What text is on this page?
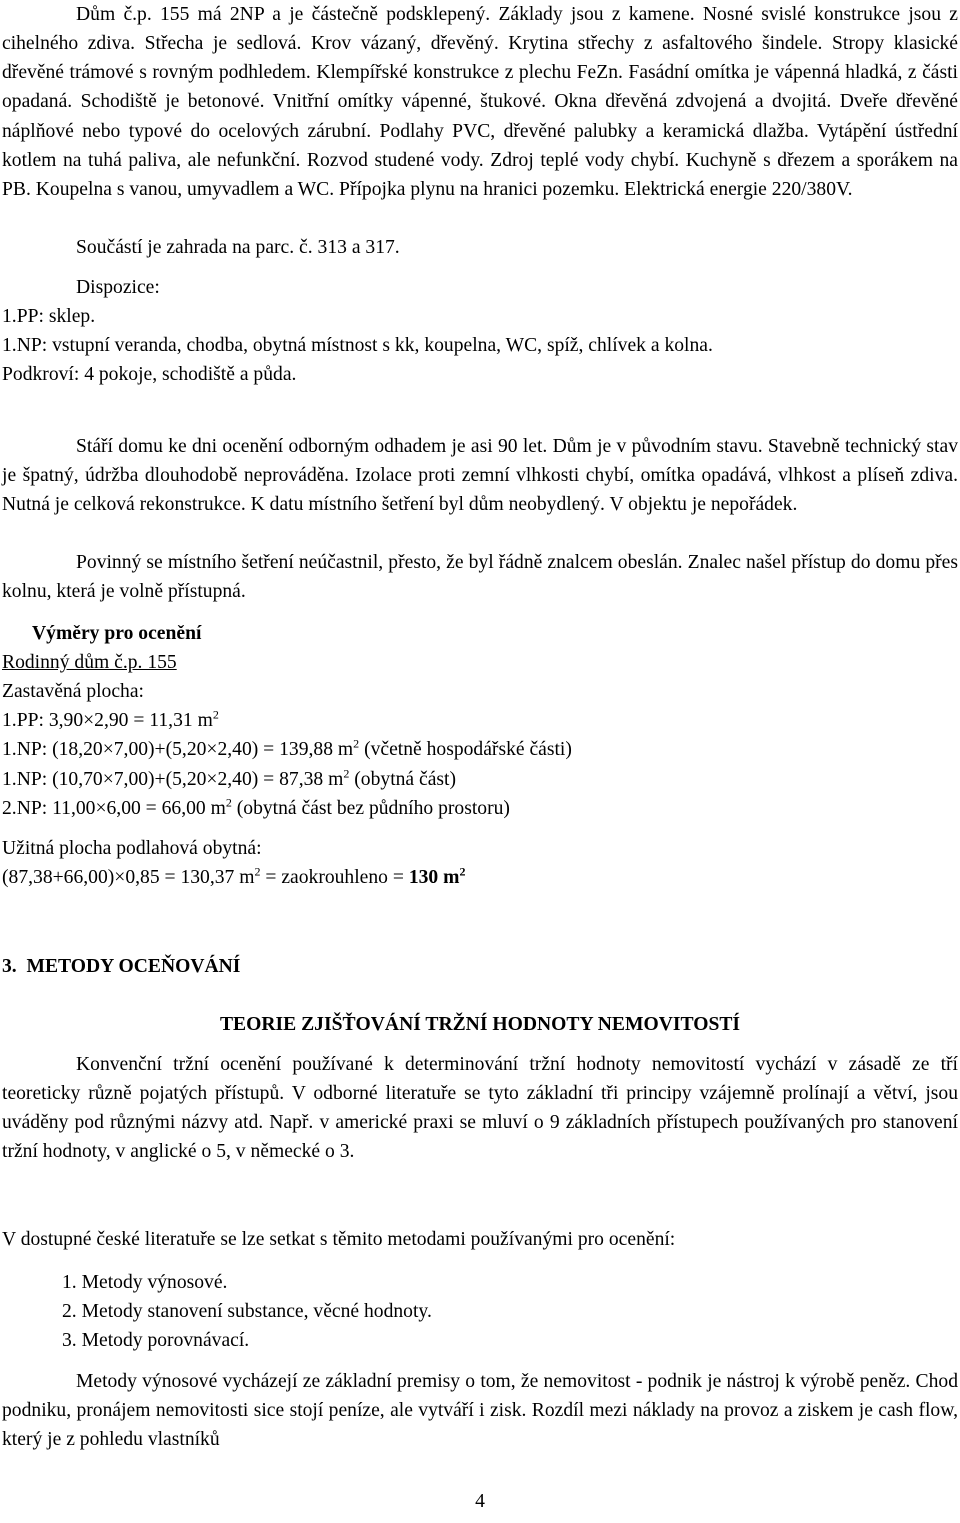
Dům č.p. 155 má 2NP a je částečně podsklepený. Základy jsou z kamene. Nosné svislé konstrukce jsou z cihelného zdiva. Střecha je sedlová. Krov vázaný, dřevěný. Krytina střechy z asfaltového šindele. Stropy klasické dřevěné trámové s rovným podhledem. Klempířské konstrukce z plechu FeZn. Fasádní omítka je vápenná hladká, z části opadaná. Schodiště je betonové. Vnitřní omítky vápenné, štukové. Okna dřevěná zdvojená a dvojitá. Dveře dřevěné náplňové nebo typové do ocelových zárubní. Podlahy PVC, dřevěné palubky a keramická dlažba. Vytápění ústřední kotlem na tuhá paliva, ale nefunkční. Rozvod studené vody. Zdroj teplé vody chybí. Kuchyně s dřezem a sporákem na PB. Koupelna s vanou, umyvadlem a WC. Přípojka plynu na hranici pozemku. Elektrická energie 220/380V.

Součástí je zahrada na parc. č. 313 a 317.

Dispozice:

1.PP: sklep.
1.NP: vstupní veranda, chodba, obytná místnost s kk, koupelna, WC, spíž, chlívek a kolna.
Podkroví: 4 pokoje, schodiště a půda.

Stáří domu ke dni ocenění odborným odhadem je asi 90 let. Dům je v původním stavu. Stavebně technický stav je špatný, údržba dlouhodobě neprováděna. Izolace proti zemní vlhkosti chybí, omítka opadává, vlhkost a plíseň zdiva. Nutná je celková rekonstrukce. K datu místního šetření byl dům neobydlený. V objektu je nepořádek.

Povinný se místního šetření neúčastnil, přesto, že byl řádně znalcem obeslán. Znalec našel přístup do domu přes kolnu, která je volně přístupná.

Výměry pro ocenění

Rodinný dům č.p. 155
Zastavěná plocha:
1.PP: 3,90×2,90 = 11,31 $m^2$
1.NP: (18,20×7,00)+(5,20×2,40) = 139,88 $m^2$ (včetně hospodářské části)
1.NP: (10,70×7,00)+(5,20×2,40) = 87,38 $m^2$ (obytná část)
2.NP: 11,00×6,00 = 66,00 $m^2$ (obytná část bez půdního prostoru)
Užitná plocha podlahová obytná:
(87,38+66,00)×0,85 = 130,37 $m^2$ = zaokrouhleno = 130 $m^2$

3.  METODY OCEŇOVÁNÍ

TEORIE ZJIŠŤOVÁNÍ TRŽNÍ HODNOTY NEMOVITOSTÍ

Konvenční tržní ocenění používané k determinování tržní hodnoty nemovitostí vychází v zásadě ze tří teoreticky různě pojatých přístupů. V odborné literatuře se tyto základní tři principy vzájemně prolínají a větví, jsou uváděny pod různými názvy atd. Např. v americké praxi se mluví o 9 základních přístupech používaných pro stanovení tržní hodnoty, v anglické o 5, v německé o 3.

V dostupné české literatuře se lze setkat s těmito metodami používanými pro ocenění:

1. Metody výnosové.
2. Metody stanovení substance, věcné hodnoty.
3. Metody porovnávací.

Metody výnosové vycházejí ze základní premisy o tom, že nemovitost - podnik je nástroj k výrobě peněz. Chod podniku, pronájem nemovitosti sice stojí peníze, ale vytváří i zisk. Rozdíl mezi náklady na provoz a ziskem je cash flow, který je z pohledu vlastníků

4
